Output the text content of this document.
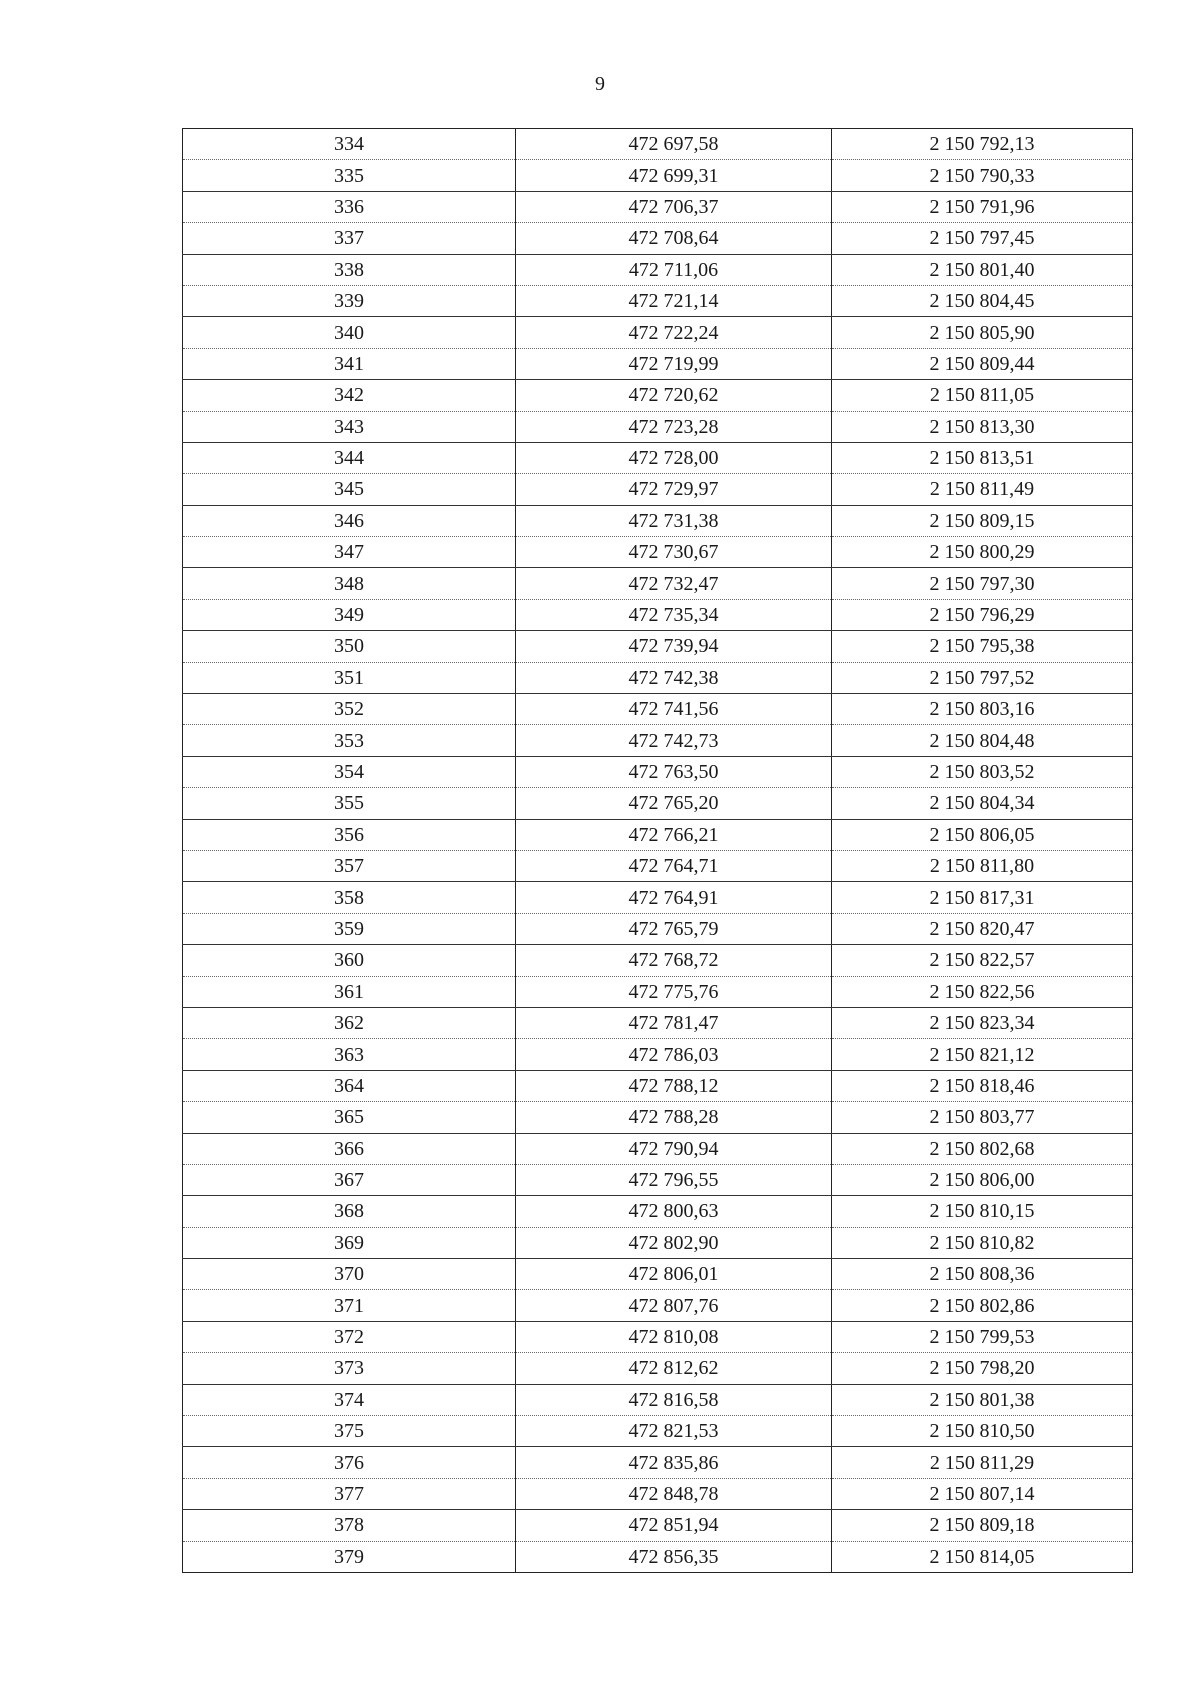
9
334	472 697,58	2 150 792,13
335	472 699,31	2 150 790,33
336	472 706,37	2 150 791,96
337	472 708,64	2 150 797,45
338	472 711,06	2 150 801,40
339	472 721,14	2 150 804,45
340	472 722,24	2 150 805,90
341	472 719,99	2 150 809,44
342	472 720,62	2 150 811,05
343	472 723,28	2 150 813,30
344	472 728,00	2 150 813,51
345	472 729,97	2 150 811,49
346	472 731,38	2 150 809,15
347	472 730,67	2 150 800,29
348	472 732,47	2 150 797,30
349	472 735,34	2 150 796,29
350	472 739,94	2 150 795,38
351	472 742,38	2 150 797,52
352	472 741,56	2 150 803,16
353	472 742,73	2 150 804,48
354	472 763,50	2 150 803,52
355	472 765,20	2 150 804,34
356	472 766,21	2 150 806,05
357	472 764,71	2 150 811,80
358	472 764,91	2 150 817,31
359	472 765,79	2 150 820,47
360	472 768,72	2 150 822,57
361	472 775,76	2 150 822,56
362	472 781,47	2 150 823,34
363	472 786,03	2 150 821,12
364	472 788,12	2 150 818,46
365	472 788,28	2 150 803,77
366	472 790,94	2 150 802,68
367	472 796,55	2 150 806,00
368	472 800,63	2 150 810,15
369	472 802,90	2 150 810,82
370	472 806,01	2 150 808,36
371	472 807,76	2 150 802,86
372	472 810,08	2 150 799,53
373	472 812,62	2 150 798,20
374	472 816,58	2 150 801,38
375	472 821,53	2 150 810,50
376	472 835,86	2 150 811,29
377	472 848,78	2 150 807,14
378	472 851,94	2 150 809,18
379	472 856,35	2 150 814,05
